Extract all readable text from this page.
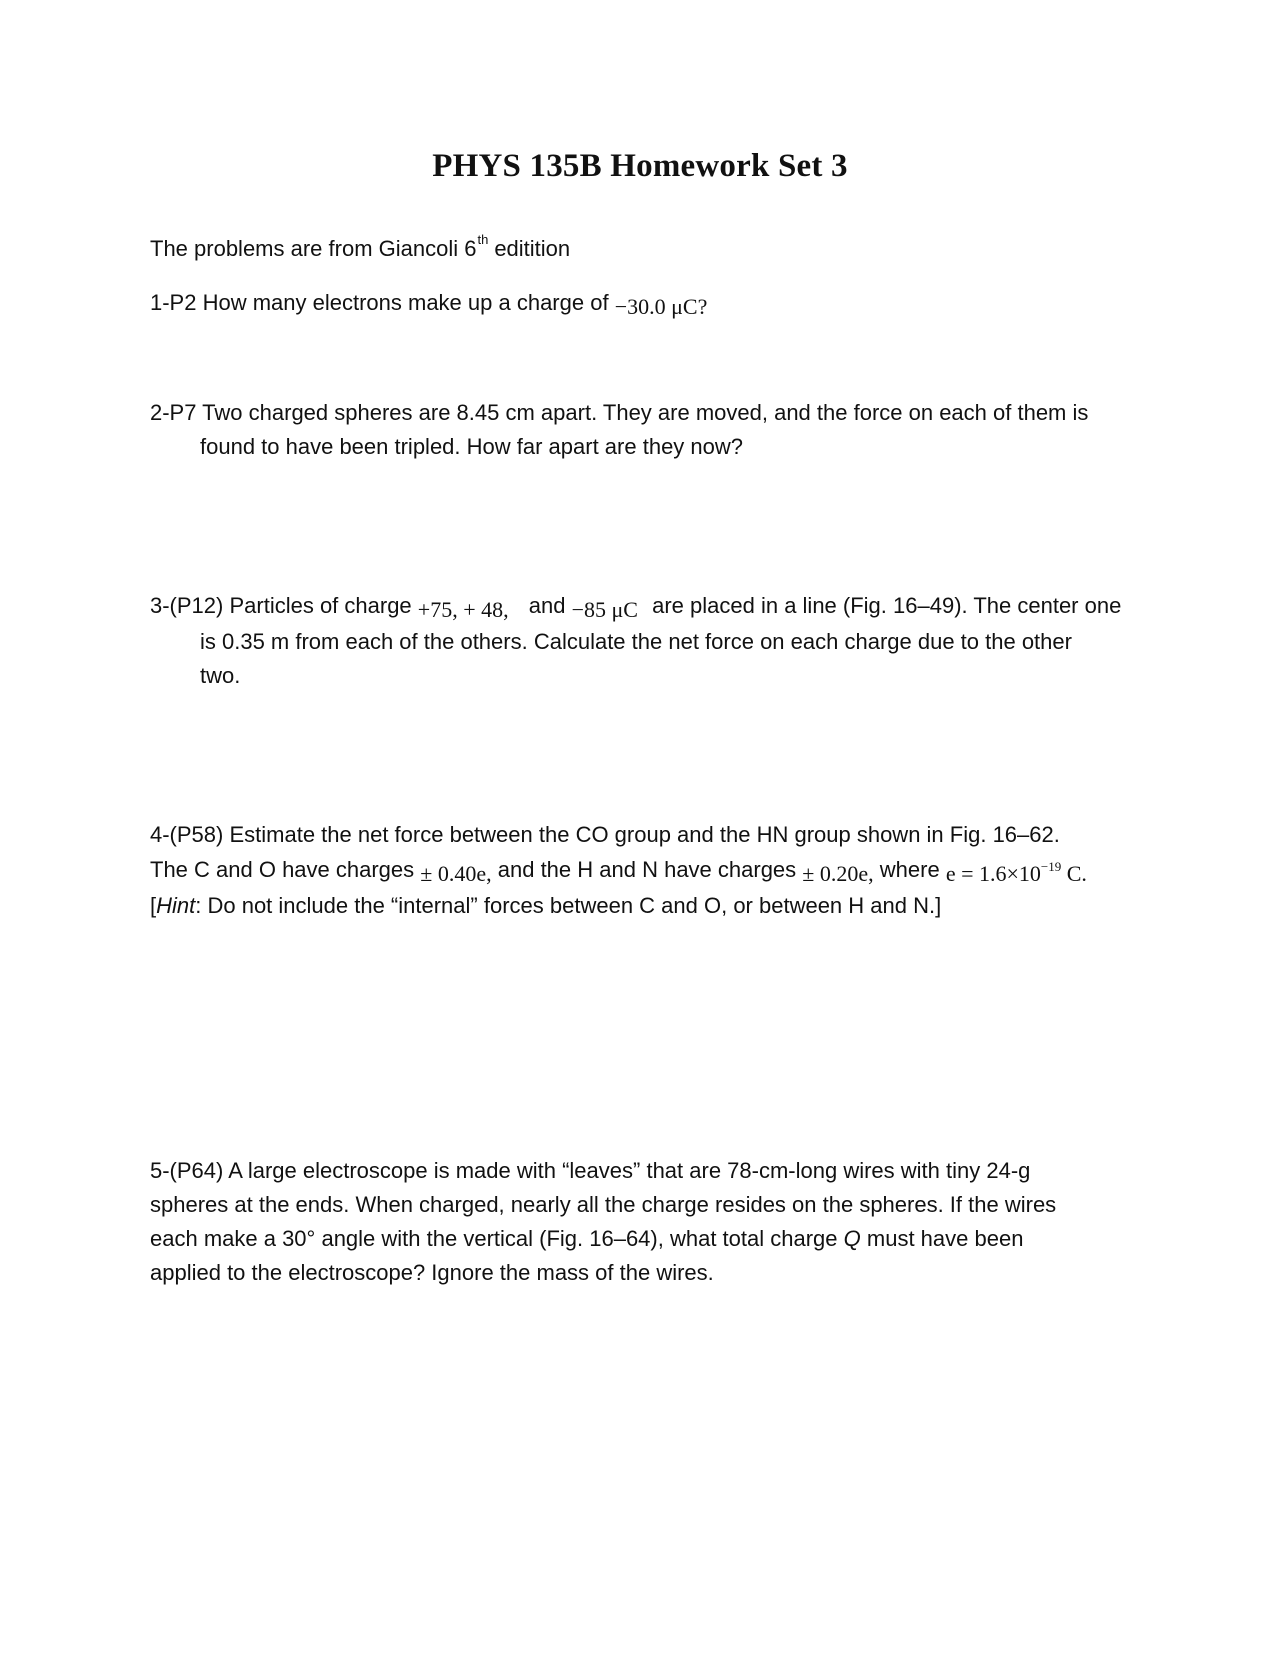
PHYS 135B Homework Set 3
The problems are from Giancoli 6th editition
1-P2 How many electrons make up a charge of −30.0 μC?
2-P7 Two charged spheres are 8.45 cm apart. They are moved, and the force on each of them is
found to have been tripled. How far apart are they now?
3-(P12) Particles of charge +75, + 48, and −85 μC are placed in a line (Fig. 16–49). The center one
is 0.35 m from each of the others. Calculate the net force on each charge due to the other
two.
4-(P58) Estimate the net force between the CO group and the HN group shown in Fig. 16–62.
The C and O have charges ± 0.40e, and the H and N have charges ± 0.20e, where $e = 1.6\times 10^{-19}$ C.
[Hint: Do not include the “internal” forces between C and O, or between H and N.]
5-(P64) A large electroscope is made with “leaves” that are 78-cm-long wires with tiny 24-g
spheres at the ends. When charged, nearly all the charge resides on the spheres. If the wires
each make a 30° angle with the vertical (Fig. 16–64), what total charge Q must have been
applied to the electroscope? Ignore the mass of the wires.
